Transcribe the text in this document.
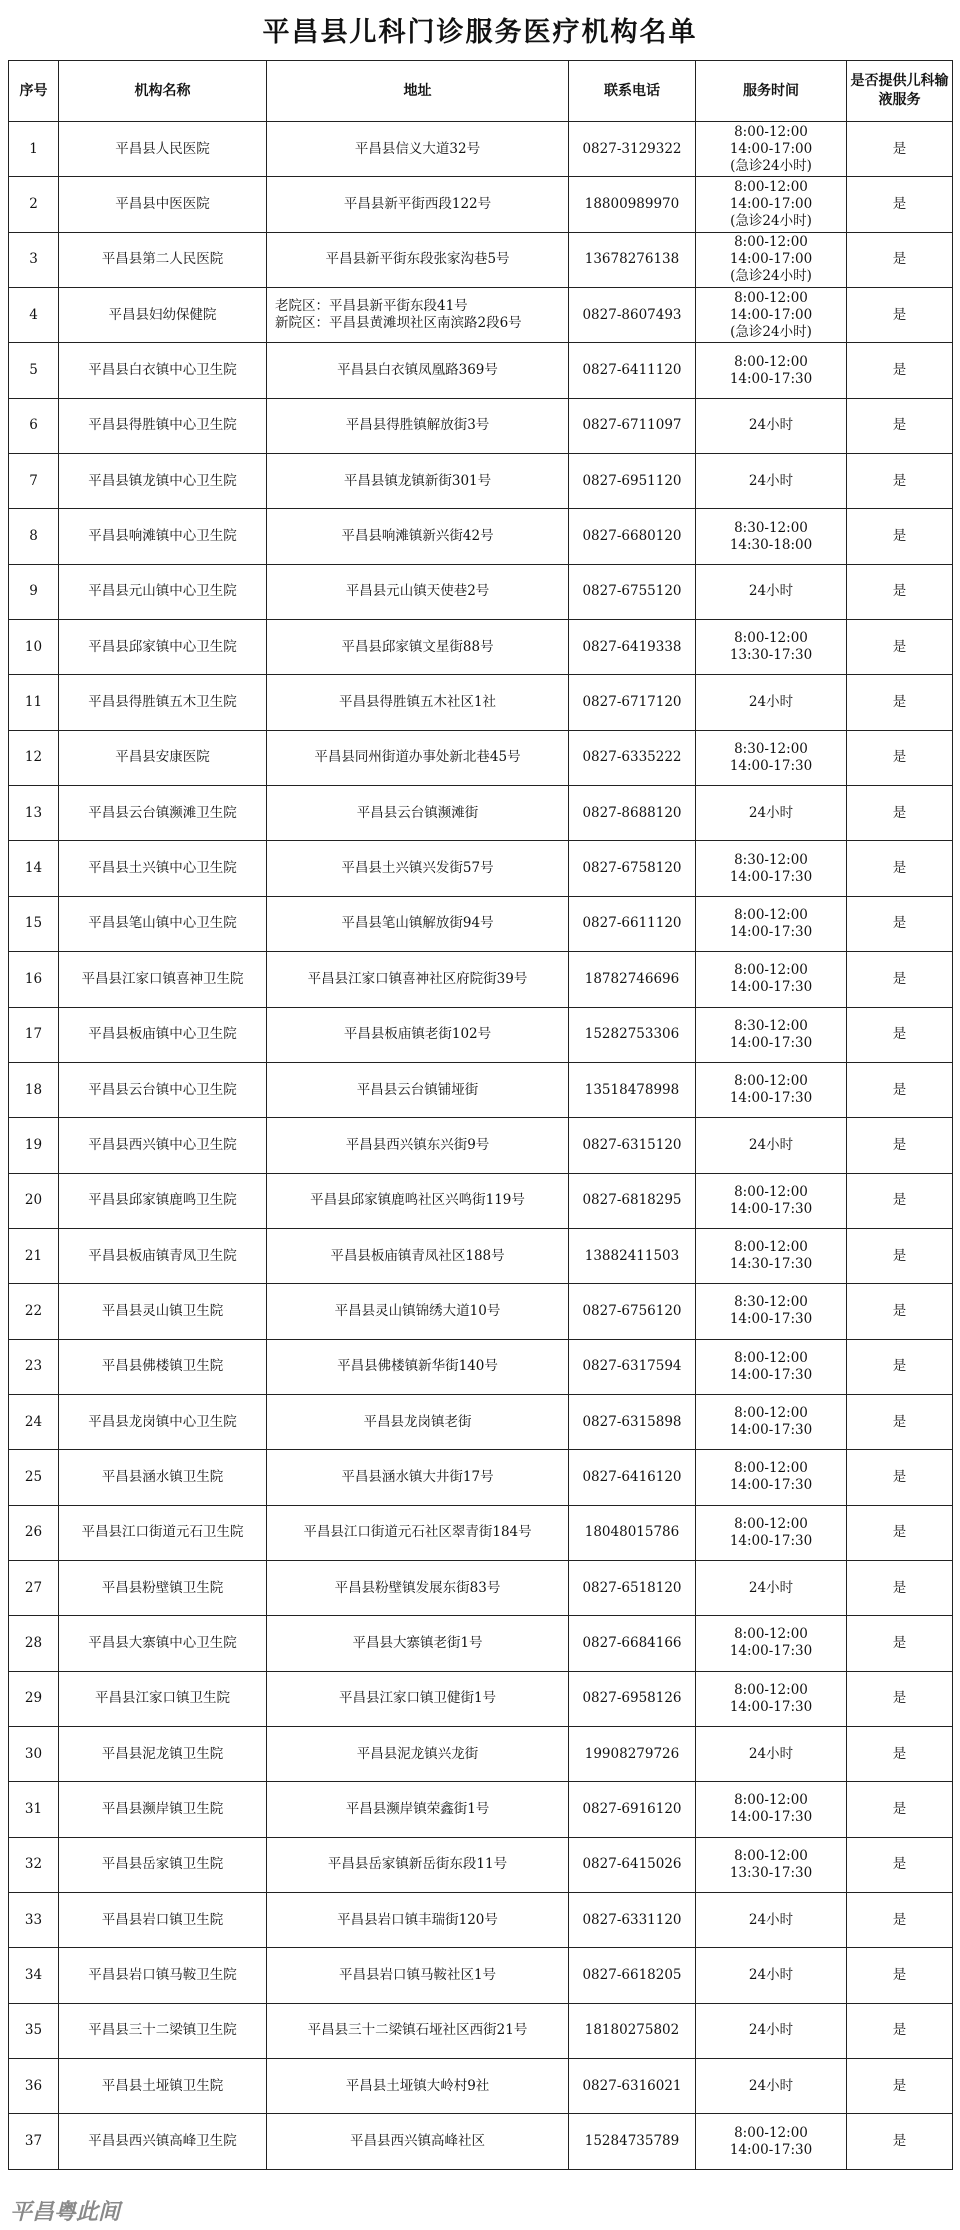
平昌县儿科门诊服务医疗机构名单
序号	机构名称	地址	联系电话	服务时间	是否提供儿科输液服务
1	平昌县人民医院	平昌县信义大道32号	0827-3129322	8:00-12:00
14:00-17:00
(急诊24小时)	是
2	平昌县中医医院	平昌县新平街西段122号	18800989970	8:00-12:00
14:00-17:00
(急诊24小时)	是
3	平昌县第二人民医院	平昌县新平街东段张家沟巷5号	13678276138	8:00-12:00
14:00-17:00
(急诊24小时)	是
4	平昌县妇幼保健院	老院区：平昌县新平街东段41号
新院区：平昌县黄滩坝社区南滨路2段6号	0827-8607493	8:00-12:00
14:00-17:00
(急诊24小时)	是
5	平昌县白衣镇中心卫生院	平昌县白衣镇凤凰路369号	0827-6411120	8:00-12:00
14:00-17:30	是
6	平昌县得胜镇中心卫生院	平昌县得胜镇解放街3号	0827-6711097	24小时	是
7	平昌县镇龙镇中心卫生院	平昌县镇龙镇新街301号	0827-6951120	24小时	是
8	平昌县响滩镇中心卫生院	平昌县响滩镇新兴街42号	0827-6680120	8:30-12:00
14:30-18:00	是
9	平昌县元山镇中心卫生院	平昌县元山镇天使巷2号	0827-6755120	24小时	是
10	平昌县邱家镇中心卫生院	平昌县邱家镇文星街88号	0827-6419338	8:00-12:00
13:30-17:30	是
11	平昌县得胜镇五木卫生院	平昌县得胜镇五木社区1社	0827-6717120	24小时	是
12	平昌县安康医院	平昌县同州街道办事处新北巷45号	0827-6335222	8:30-12:00
14:00-17:30	是
13	平昌县云台镇濒滩卫生院	平昌县云台镇濒滩街	0827-8688120	24小时	是
14	平昌县土兴镇中心卫生院	平昌县土兴镇兴发街57号	0827-6758120	8:30-12:00
14:00-17:30	是
15	平昌县笔山镇中心卫生院	平昌县笔山镇解放街94号	0827-6611120	8:00-12:00
14:00-17:30	是
16	平昌县江家口镇喜神卫生院	平昌县江家口镇喜神社区府院街39号	18782746696	8:00-12:00
14:00-17:30	是
17	平昌县板庙镇中心卫生院	平昌县板庙镇老街102号	15282753306	8:30-12:00
14:00-17:30	是
18	平昌县云台镇中心卫生院	平昌县云台镇铺垭街	13518478998	8:00-12:00
14:00-17:30	是
19	平昌县西兴镇中心卫生院	平昌县西兴镇东兴街9号	0827-6315120	24小时	是
20	平昌县邱家镇鹿鸣卫生院	平昌县邱家镇鹿鸣社区兴鸣街119号	0827-6818295	8:00-12:00
14:00-17:30	是
21	平昌县板庙镇青凤卫生院	平昌县板庙镇青凤社区188号	13882411503	8:00-12:00
14:30-17:30	是
22	平昌县灵山镇卫生院	平昌县灵山镇锦绣大道10号	0827-6756120	8:30-12:00
14:00-17:30	是
23	平昌县佛楼镇卫生院	平昌县佛楼镇新华街140号	0827-6317594	8:00-12:00
14:00-17:30	是
24	平昌县龙岗镇中心卫生院	平昌县龙岗镇老街	0827-6315898	8:00-12:00
14:00-17:30	是
25	平昌县涵水镇卫生院	平昌县涵水镇大井街17号	0827-6416120	8:00-12:00
14:00-17:30	是
26	平昌县江口街道元石卫生院	平昌县江口街道元石社区翠青街184号	18048015786	8:00-12:00
14:00-17:30	是
27	平昌县粉壁镇卫生院	平昌县粉壁镇发展东街83号	0827-6518120	24小时	是
28	平昌县大寨镇中心卫生院	平昌县大寨镇老街1号	0827-6684166	8:00-12:00
14:00-17:30	是
29	平昌县江家口镇卫生院	平昌县江家口镇卫健街1号	0827-6958126	8:00-12:00
14:00-17:30	是
30	平昌县泥龙镇卫生院	平昌县泥龙镇兴龙街	19908279726	24小时	是
31	平昌县濒岸镇卫生院	平昌县濒岸镇荣鑫街1号	0827-6916120	8:00-12:00
14:00-17:30	是
32	平昌县岳家镇卫生院	平昌县岳家镇新岳街东段11号	0827-6415026	8:00-12:00
13:30-17:30	是
33	平昌县岩口镇卫生院	平昌县岩口镇丰瑞街120号	0827-6331120	24小时	是
34	平昌县岩口镇马鞍卫生院	平昌县岩口镇马鞍社区1号	0827-6618205	24小时	是
35	平昌县三十二梁镇卫生院	平昌县三十二梁镇石垭社区西街21号	18180275802	24小时	是
36	平昌县土垭镇卫生院	平昌县土垭镇大岭村9社	0827-6316021	24小时	是
37	平昌县西兴镇高峰卫生院	平昌县西兴镇高峰社区	15284735789	8:00-12:00
14:00-17:30	是
平昌粤此间
